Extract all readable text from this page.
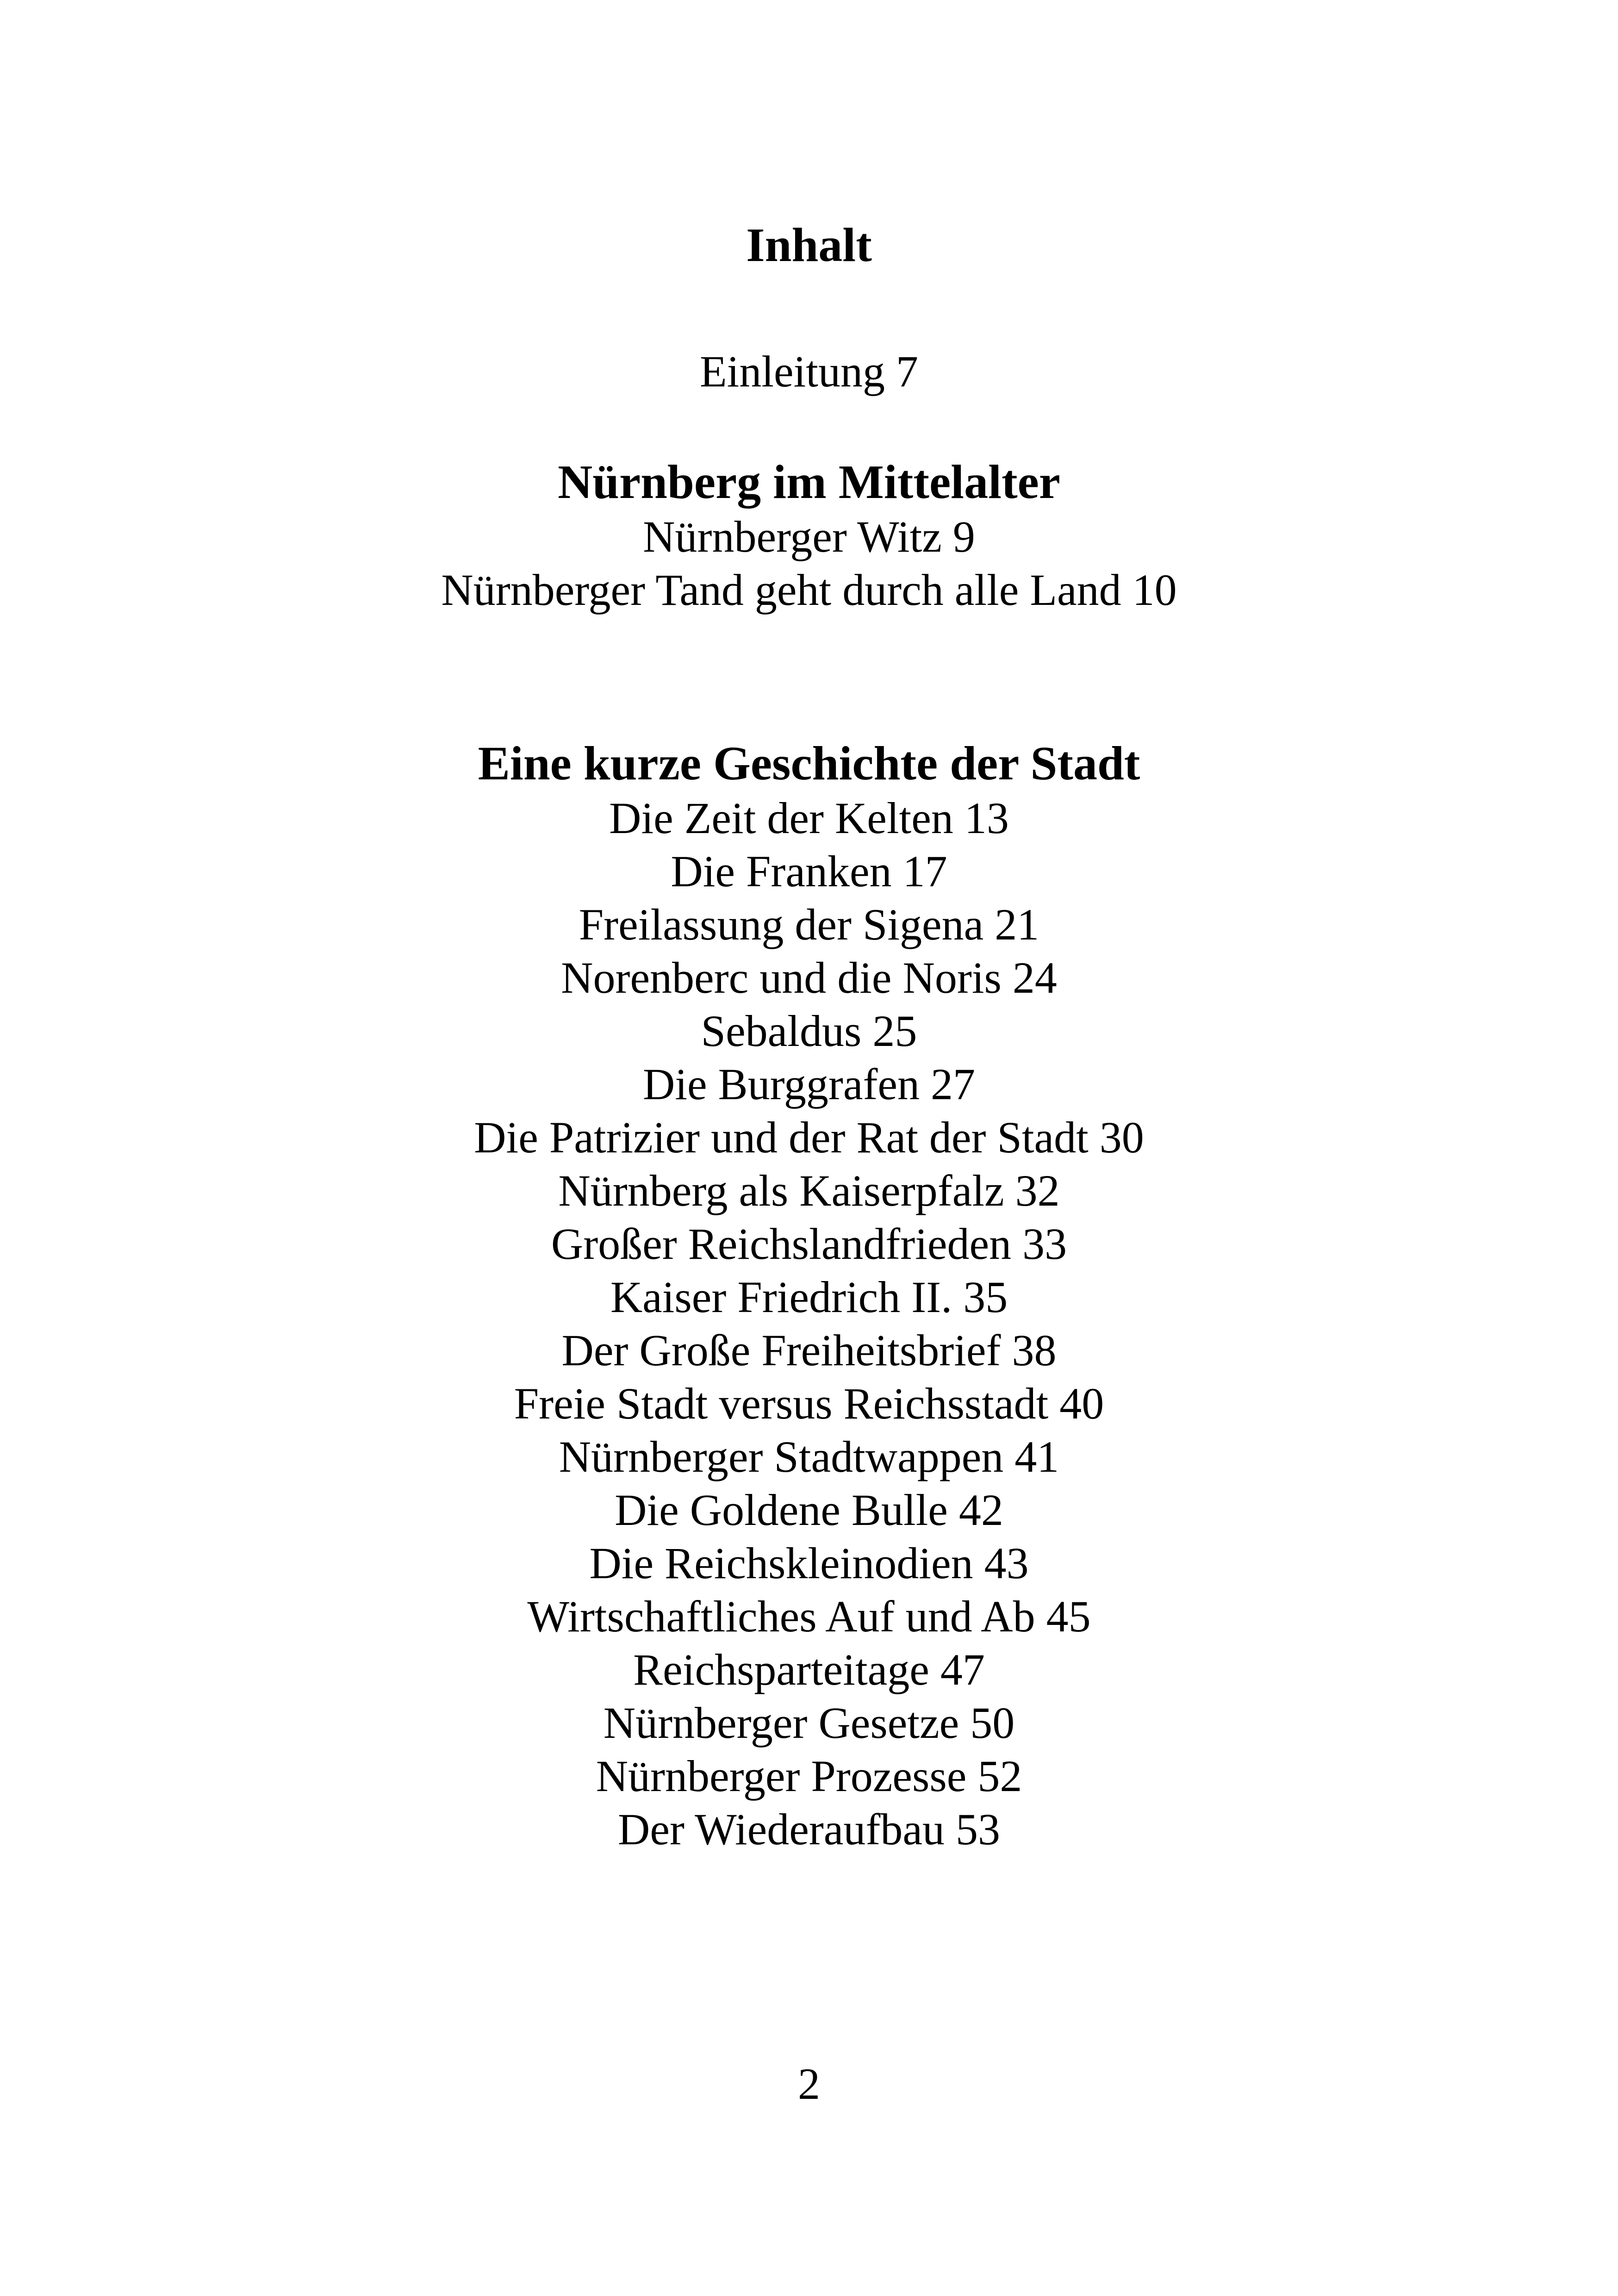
Inhalt
Einleitung 7
Nürnberg im Mittelalter
Nürnberger Witz 9
Nürnberger Tand geht durch alle Land 10
Eine kurze Geschichte der Stadt
Die Zeit der Kelten 13
Die Franken 17
Freilassung der Sigena 21
Norenberc und die Noris 24
Sebaldus 25
Die Burggrafen 27
Die Patrizier und der Rat der Stadt 30
Nürnberg als Kaiserpfalz 32
Großer Reichslandfrieden 33
Kaiser Friedrich II. 35
Der Große Freiheitsbrief 38
Freie Stadt versus Reichsstadt 40
Nürnberger Stadtwappen 41
Die Goldene Bulle 42
Die Reichskleinodien 43
Wirtschaftliches Auf und Ab 45
Reichsparteitage 47
Nürnberger Gesetze 50
Nürnberger Prozesse 52
Der Wiederaufbau 53
2
